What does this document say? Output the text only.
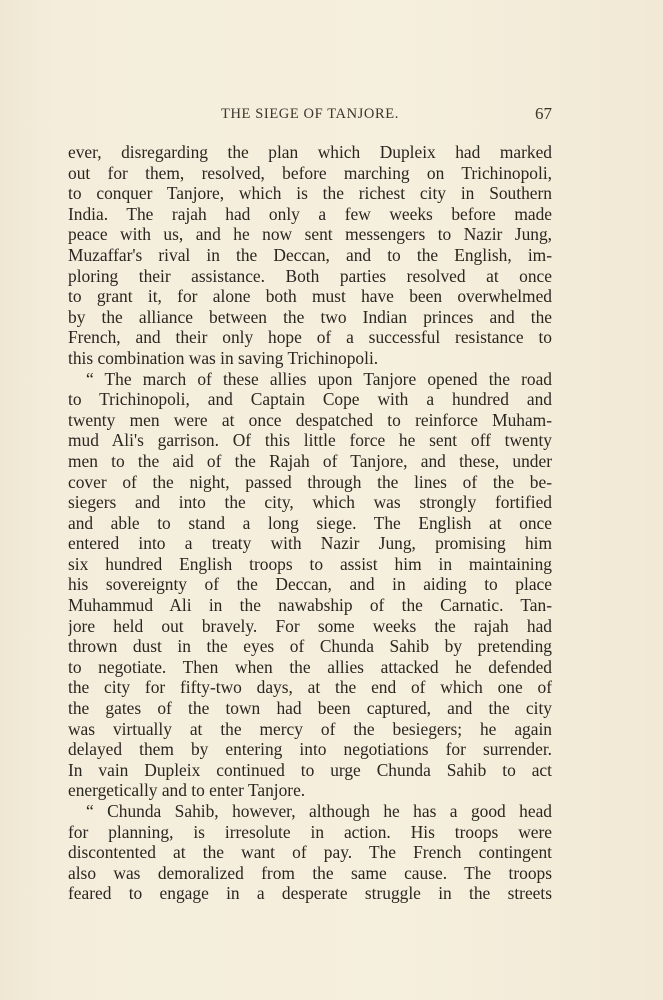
THE SIEGE OF TANJORE.	67
ever, disregarding the plan which Dupleix had marked
out for them, resolved, before marching on Trichinopoli,
to conquer Tanjore, which is the richest city in Southern
India. The rajah had only a few weeks before made
peace with us, and he now sent messengers to Nazir Jung,
Muzaffar's rival in the Deccan, and to the English, im-
ploring their assistance. Both parties resolved at once
to grant it, for alone both must have been overwhelmed
by the alliance between the two Indian princes and the
French, and their only hope of a successful resistance to
this combination was in saving Trichinopoli.
“ The march of these allies upon Tanjore opened the road
to Trichinopoli, and Captain Cope with a hundred and
twenty men were at once despatched to reinforce Muham-
mud Ali's garrison. Of this little force he sent off twenty
men to the aid of the Rajah of Tanjore, and these, under
cover of the night, passed through the lines of the be-
siegers and into the city, which was strongly fortified
and able to stand a long siege. The English at once
entered into a treaty with Nazir Jung, promising him
six hundred English troops to assist him in maintaining
his sovereignty of the Deccan, and in aiding to place
Muhammud Ali in the nawabship of the Carnatic. Tan-
jore held out bravely. For some weeks the rajah had
thrown dust in the eyes of Chunda Sahib by pretending
to negotiate. Then when the allies attacked he defended
the city for fifty-two days, at the end of which one of
the gates of the town had been captured, and the city
was virtually at the mercy of the besiegers; he again
delayed them by entering into negotiations for surrender.
In vain Dupleix continued to urge Chunda Sahib to act
energetically and to enter Tanjore.
“ Chunda Sahib, however, although he has a good head
for planning, is irresolute in action. His troops were
discontented at the want of pay. The French contingent
also was demoralized from the same cause. The troops
feared to engage in a desperate struggle in the streets
